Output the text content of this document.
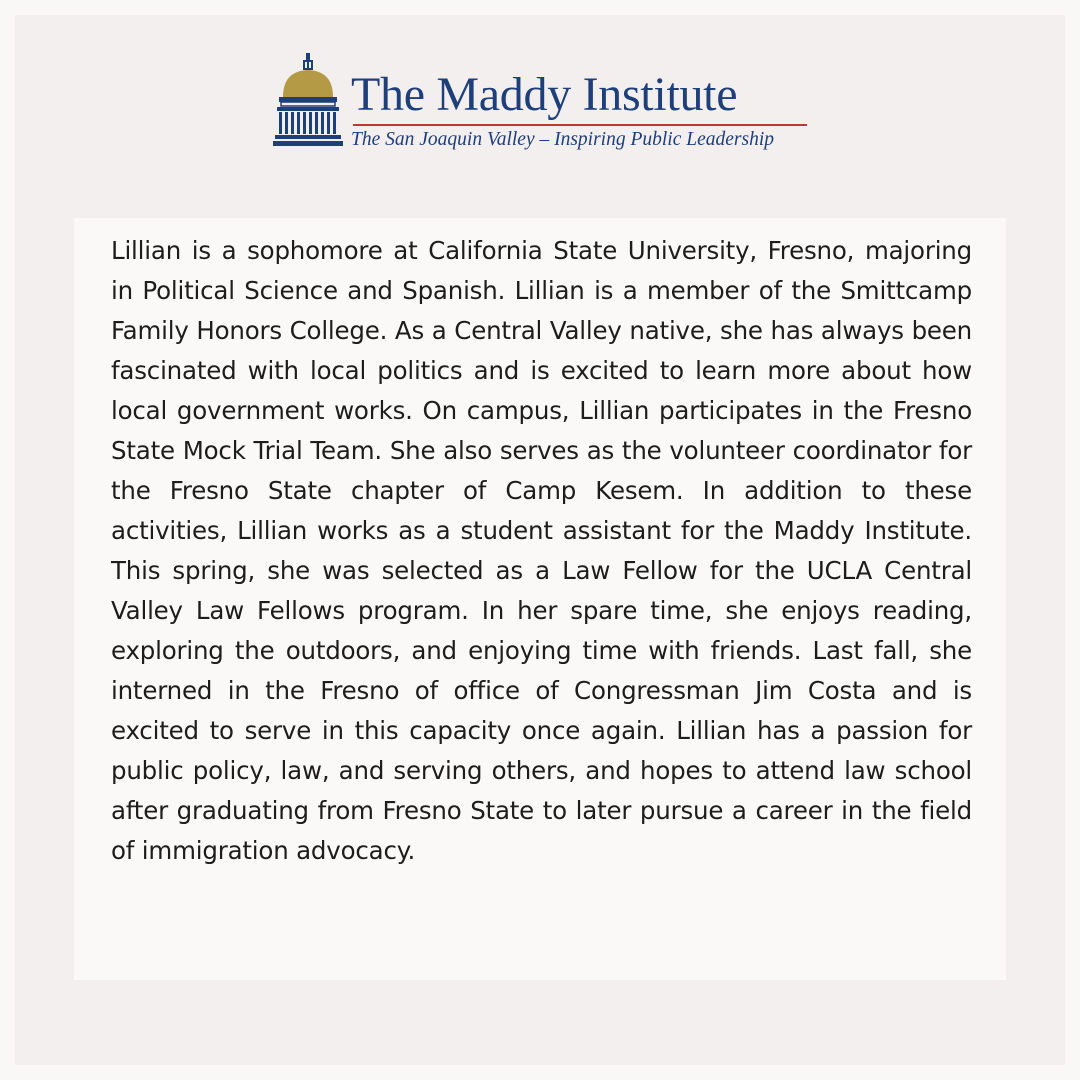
The Maddy Institute
The San Joaquin Valley – Inspiring Public Leadership

Lillian is a sophomore at California State University, Fresno, majoring in Political Science and Spanish. Lillian is a member of the Smittcamp Family Honors College. As a Central Valley native, she has always been fascinated with local politics and is excited to learn more about how local government works. On campus, Lillian participates in the Fresno State Mock Trial Team. She also serves as the volunteer coordinator for the Fresno State chapter of Camp Kesem. In addition to these activities, Lillian works as a student assistant for the Maddy Institute. This spring, she was selected as a Law Fellow for the UCLA Central Valley Law Fellows program. In her spare time, she enjoys reading, exploring the outdoors, and enjoying time with friends. Last fall, she interned in the Fresno of office of Congressman Jim Costa and is excited to serve in this capacity once again. Lillian has a passion for public policy, law, and serving others, and hopes to attend law school after graduating from Fresno State to later pursue a career in the field of immigration advocacy.
